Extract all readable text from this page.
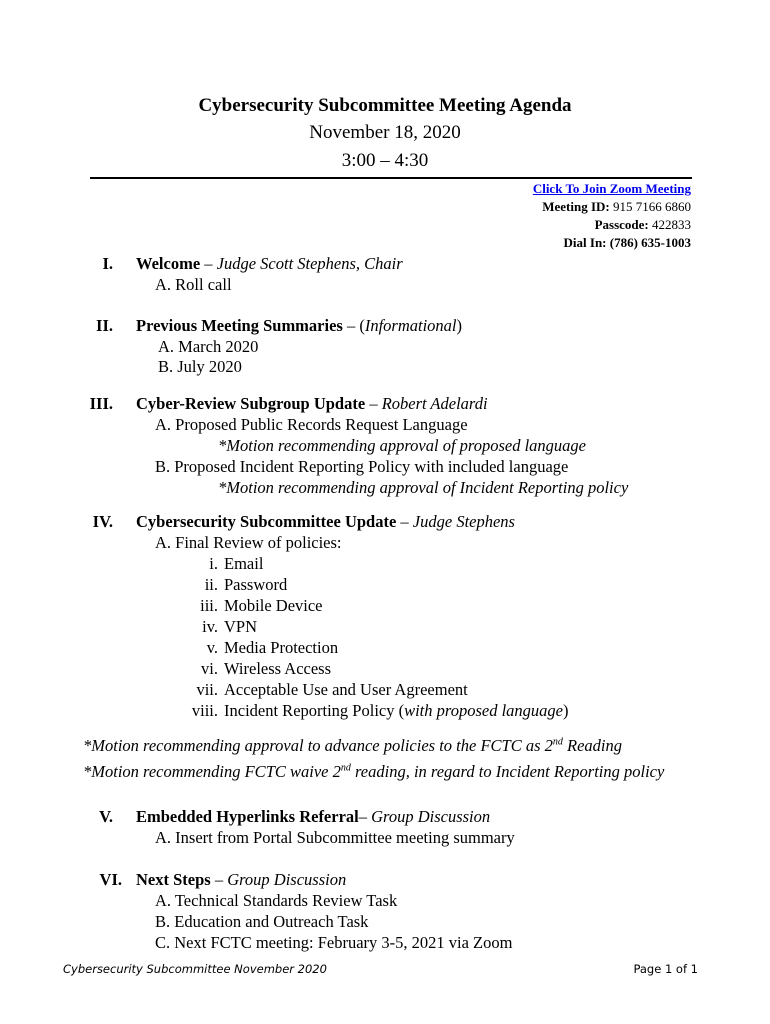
Cybersecurity Subcommittee Meeting Agenda
November 18, 2020
3:00 – 4:30
Click To Join Zoom Meeting
Meeting ID: 915 7166 6860
Passcode: 422833
Dial In: (786) 635-1003
I. Welcome – Judge Scott Stephens, Chair
A. Roll call
II. Previous Meeting Summaries – (Informational)
A. March 2020
B. July 2020
III. Cyber-Review Subgroup Update – Robert Adelardi
A. Proposed Public Records Request Language
*Motion recommending approval of proposed language
B. Proposed Incident Reporting Policy with included language
*Motion recommending approval of Incident Reporting policy
IV. Cybersecurity Subcommittee Update – Judge Stephens
A. Final Review of policies:
i. Email
ii. Password
iii. Mobile Device
iv. VPN
v. Media Protection
vi. Wireless Access
vii. Acceptable Use and User Agreement
viii. Incident Reporting Policy (with proposed language)
*Motion recommending approval to advance policies to the FCTC as 2nd Reading
*Motion recommending FCTC waive 2nd reading, in regard to Incident Reporting policy
V. Embedded Hyperlinks Referral– Group Discussion
A. Insert from Portal Subcommittee meeting summary
VI. Next Steps – Group Discussion
A. Technical Standards Review Task
B. Education and Outreach Task
C. Next FCTC meeting: February 3-5, 2021 via Zoom
Cybersecurity Subcommittee November 2020	Page 1 of 1
